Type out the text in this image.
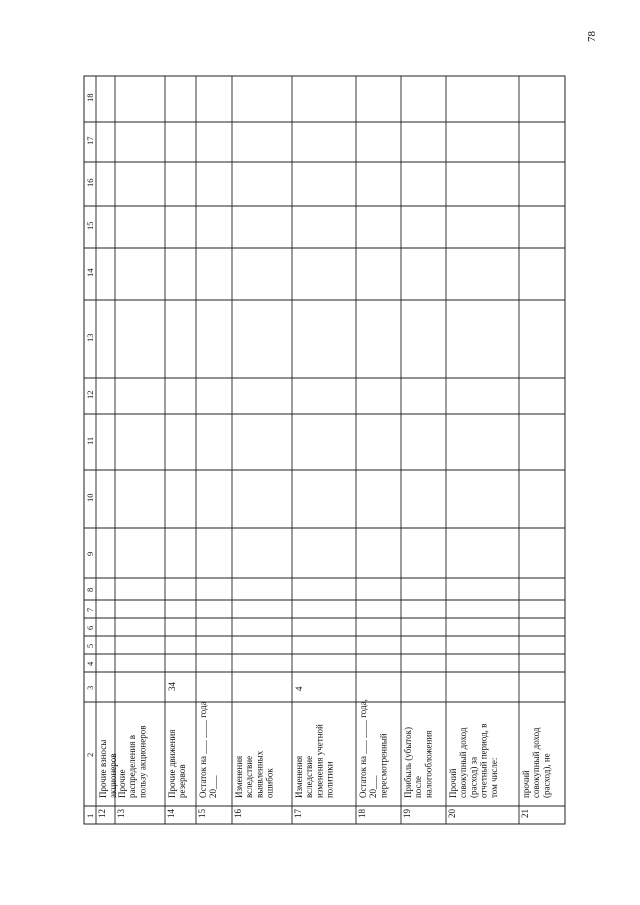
1
2
3
4
5
6
7
8
9
10
11
12
13
14
15
16
17
18
12
Прочие взносы акционеров
13
Прочие распределения в пользу акционеров
14
Прочие движения резервов
34
15
Остаток на ___ ____ года 20___
16
Изменения вследствие выявленных ошибок
17
Изменения вследствие изменения учетной политики
4
18
Остаток на ___ ____ года, 20___ пересмотренный
19
Прибыль (убыток) после налогообложения
20
Прочий совокупный доход (расход) за отчетный период, в том числе:
21
прочий совокупный доход (расход), не
78
